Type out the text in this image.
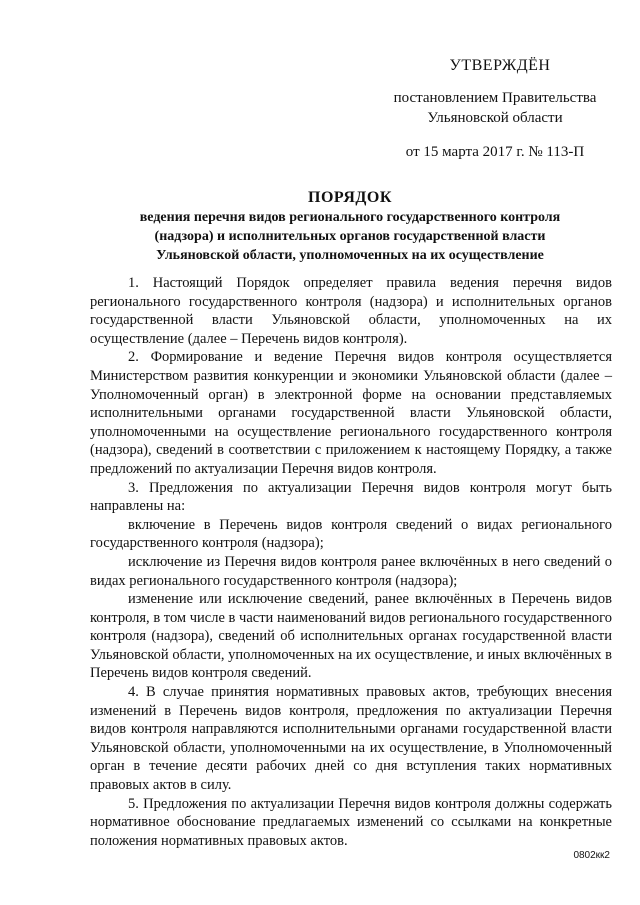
УТВЕРЖДЁН
постановлением Правительства
Ульяновской области
от 15 марта 2017 г. № 113-П
ПОРЯДОК
ведения перечня видов регионального государственного контроля
(надзора) и исполнительных органов государственной власти
Ульяновской области, уполномоченных на их осуществление

1. Настоящий Порядок определяет правила ведения перечня видов регионального государственного контроля (надзора) и исполнительных органов государственной власти Ульяновской области, уполномоченных на их осуществление (далее – Перечень видов контроля).

2. Формирование и ведение Перечня видов контроля осуществляется Министерством развития конкуренции и экономики Ульяновской области (далее – Уполномоченный орган) в электронной форме на основании представляемых исполнительными органами государственной власти Ульяновской области, уполномоченными на осуществление регионального государственного контроля (надзора), сведений в соответствии с приложением к настоящему Порядку, а также предложений по актуализации Перечня видов контроля.

3. Предложения по актуализации Перечня видов контроля могут быть направлены на:

включение в Перечень видов контроля сведений о видах регионального государственного контроля (надзора);

исключение из Перечня видов контроля ранее включённых в него сведений о видах регионального государственного контроля (надзора);

изменение или исключение сведений, ранее включённых в Перечень видов контроля, в том числе в части наименований видов регионального государственного контроля (надзора), сведений об исполнительных органах государственной власти Ульяновской области, уполномоченных на их осуществление, и иных включённых в Перечень видов контроля сведений.

4. В случае принятия нормативных правовых актов, требующих внесения изменений в Перечень видов контроля, предложения по актуализации Перечня видов контроля направляются исполнительными органами государственной власти Ульяновской области, уполномоченными на их осуществление, в Уполномоченный орган в течение десяти рабочих дней со дня вступления таких нормативных правовых актов в силу.

5. Предложения по актуализации Перечня видов контроля должны содержать нормативное обоснование предлагаемых изменений со ссылками на конкретные положения нормативных правовых актов.

0802кк2
